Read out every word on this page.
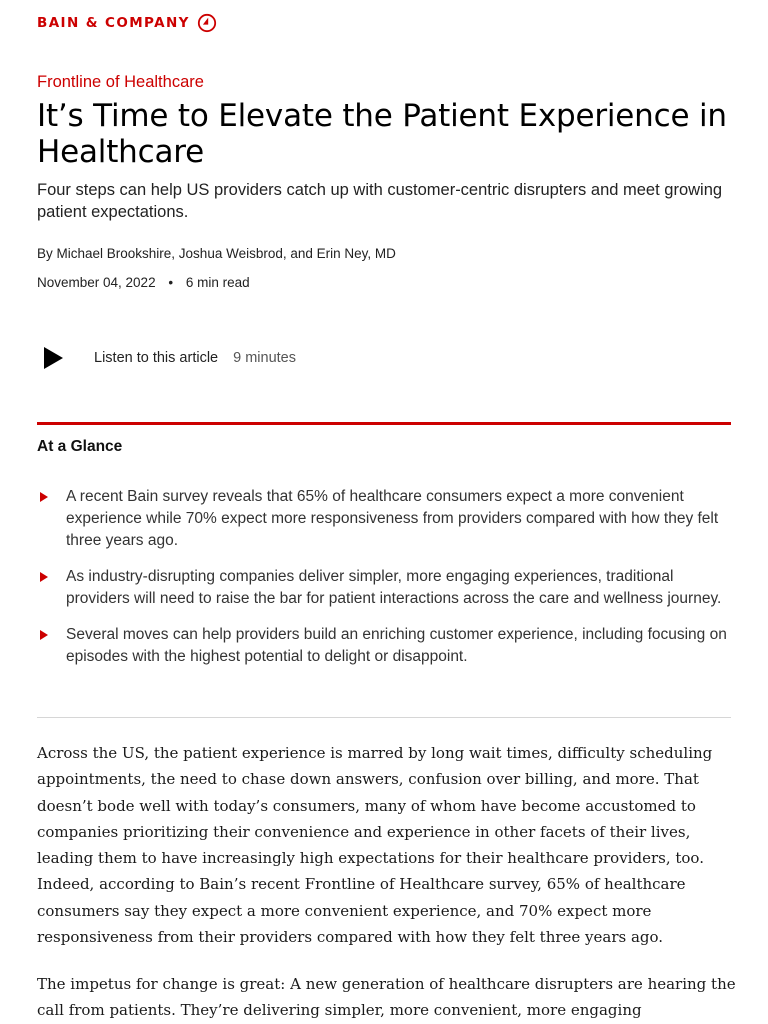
BAIN & COMPANY
Frontline of Healthcare
It’s Time to Elevate the Patient Experience in Healthcare
Four steps can help US providers catch up with customer-centric disrupters and meet growing patient expectations.
By Michael Brookshire, Joshua Weisbrod, and Erin Ney, MD
November 04, 2022 • 6 min read
Listen to this article 9 minutes
At a Glance
A recent Bain survey reveals that 65% of healthcare consumers expect a more convenient experience while 70% expect more responsiveness from providers compared with how they felt three years ago.
As industry-disrupting companies deliver simpler, more engaging experiences, traditional providers will need to raise the bar for patient interactions across the care and wellness journey.
Several moves can help providers build an enriching customer experience, including focusing on episodes with the highest potential to delight or disappoint.

Across the US, the patient experience is marred by long wait times, difficulty scheduling appointments, the need to chase down answers, confusion over billing, and more. That doesn’t bode well with today’s consumers, many of whom have become accustomed to companies prioritizing their convenience and experience in other facets of their lives, leading them to have increasingly high expectations for their healthcare providers, too. Indeed, according to Bain’s recent Frontline of Healthcare survey, 65% of healthcare consumers say they expect a more convenient experience, and 70% expect more responsiveness from their providers compared with how they felt three years ago.

The impetus for change is great: A new generation of healthcare disrupters are hearing the call from patients. They’re delivering simpler, more convenient, more engaging
